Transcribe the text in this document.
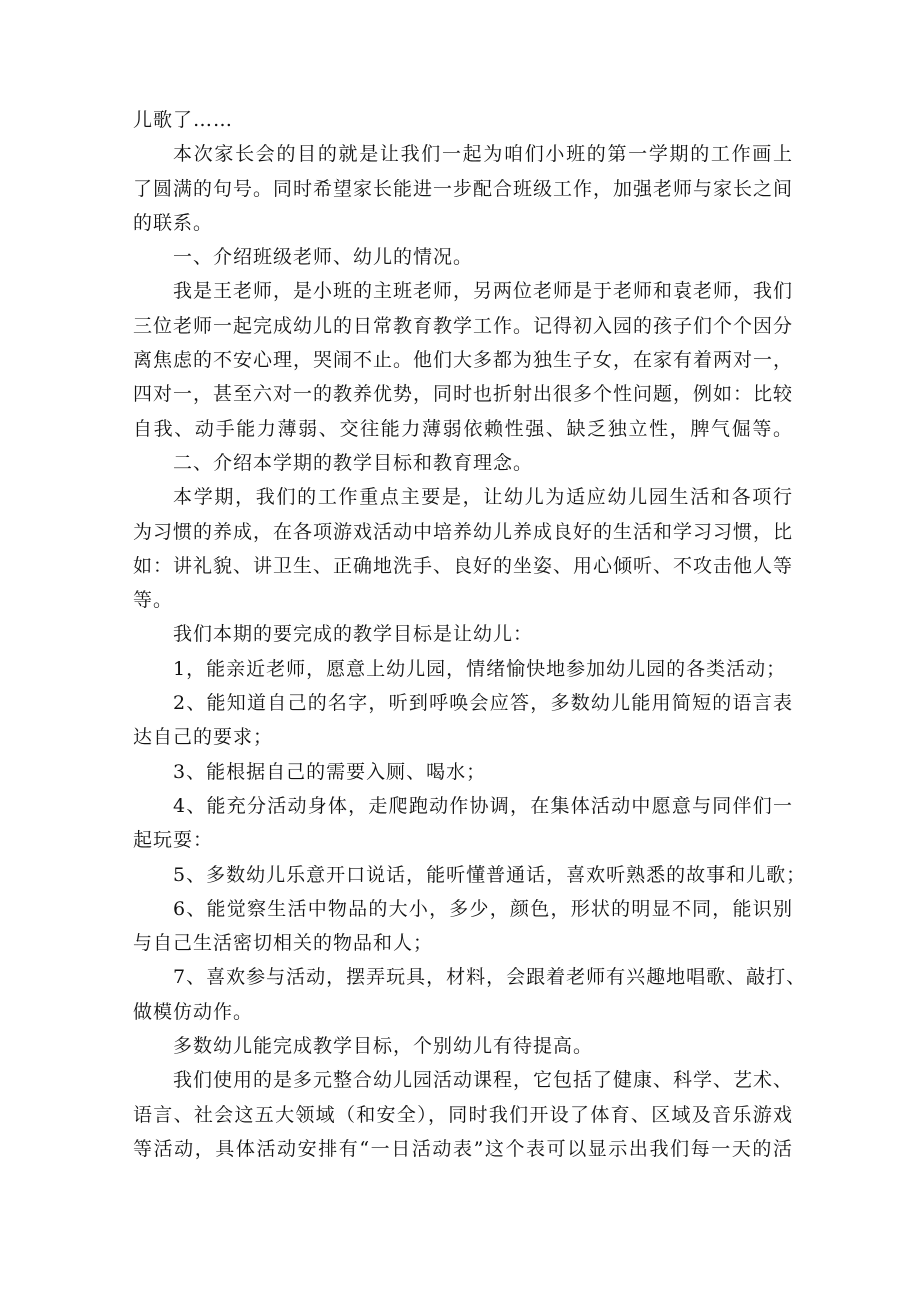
儿歌了……
本次家长会的目的就是让我们一起为咱们小班的第一学期的工作画上
了圆满的句号。同时希望家长能进一步配合班级工作，加强老师与家长之间
的联系。
一、介绍班级老师、幼儿的情况。
我是王老师，是小班的主班老师，另两位老师是于老师和袁老师，我们
三位老师一起完成幼儿的日常教育教学工作。记得初入园的孩子们个个因分
离焦虑的不安心理，哭闹不止。他们大多都为独生子女，在家有着两对一，
四对一，甚至六对一的教养优势，同时也折射出很多个性问题，例如：比较
自我、动手能力薄弱、交往能力薄弱依赖性强、缺乏独立性，脾气倔等。
二、介绍本学期的教学目标和教育理念。
本学期，我们的工作重点主要是，让幼儿为适应幼儿园生活和各项行
为习惯的养成，在各项游戏活动中培养幼儿养成良好的生活和学习习惯，比
如：讲礼貌、讲卫生、正确地洗手、良好的坐姿、用心倾听、不攻击他人等
等。
我们本期的要完成的教学目标是让幼儿：
1，能亲近老师，愿意上幼儿园，情绪愉快地参加幼儿园的各类活动；
2、能知道自己的名字，听到呼唤会应答，多数幼儿能用简短的语言表
达自己的要求；
3、能根据自己的需要入厕、喝水；
4、能充分活动身体，走爬跑动作协调，在集体活动中愿意与同伴们一
起玩耍：
5、多数幼儿乐意开口说话，能听懂普通话，喜欢听熟悉的故事和儿歌；
6、能觉察生活中物品的大小，多少，颜色，形状的明显不同，能识别
与自己生活密切相关的物品和人；
7、喜欢参与活动，摆弄玩具，材料，会跟着老师有兴趣地唱歌、敲打、
做模仿动作。
多数幼儿能完成教学目标，个别幼儿有待提高。
我们使用的是多元整合幼儿园活动课程，它包括了健康、科学、艺术、
语言、社会这五大领域（和安全），同时我们开设了体育、区域及音乐游戏
等活动，具体活动安排有“一日活动表”这个表可以显示出我们每一天的活
